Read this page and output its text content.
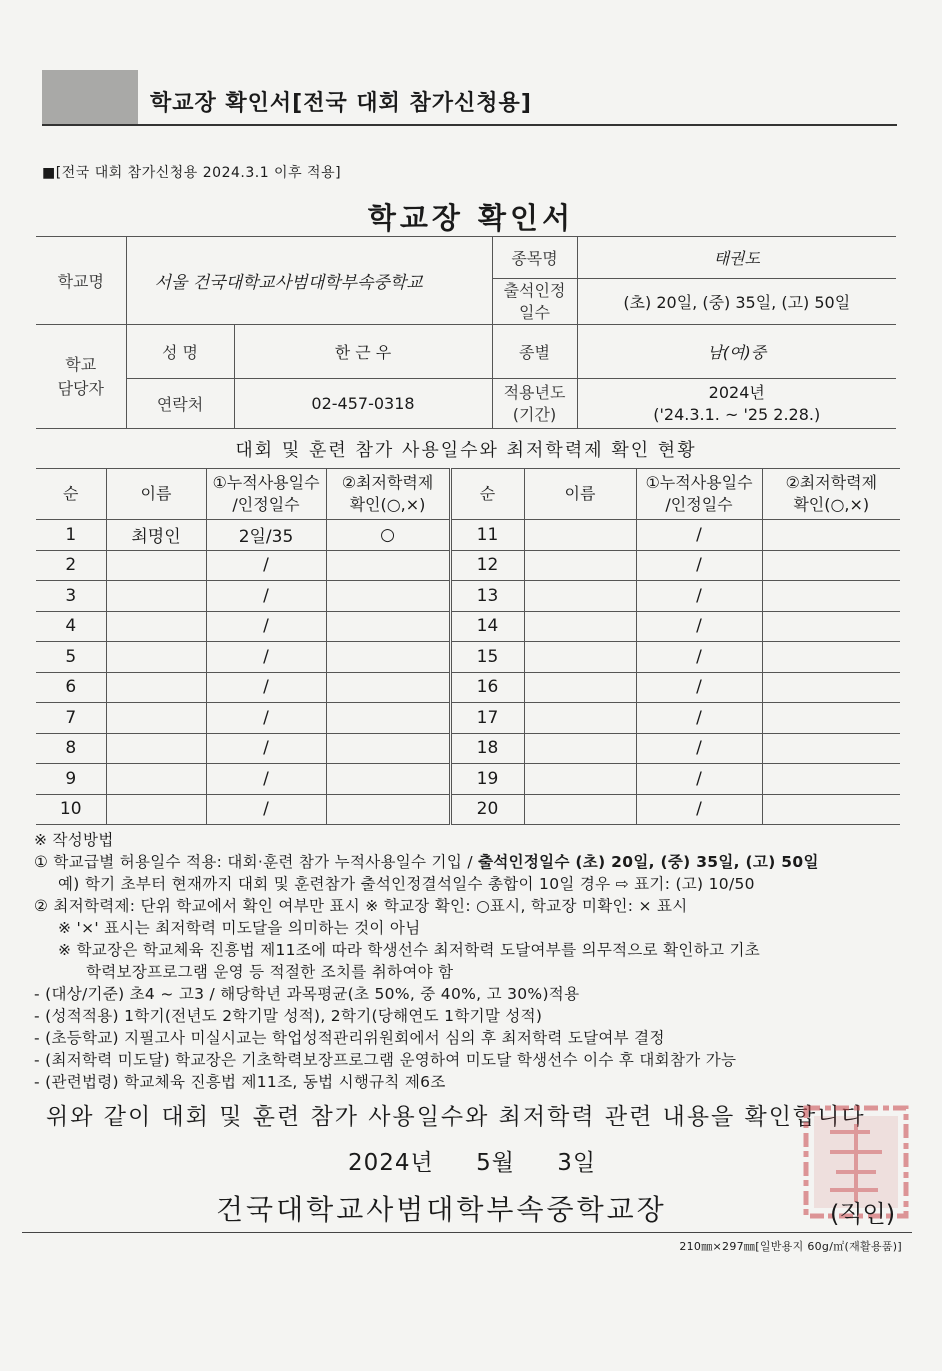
학교장 확인서[전국 대회 참가신청용]
■[전국 대회 참가신청용 2024.3.1 이후 적용]
학교장 확인서
학교명	서울 건국대학교사범대학부속중학교		종목명	태권도
			출석인정
일수	(초) 20일, (중) 35일, (고) 50일
학교
담당자	성 명	한 근 우	종별	남(여)중
	연락처	02-457-0318	적용년도
(기간)	2024년
('24.3.1. ~ '25 2.28.)
대회 및 훈련 참가 사용일수와 최저학력제 확인 현황
순	이름	①누적사용일수
/인정일수	②최저학력제
확인(○,×)	순	이름	①누적사용일수
/인정일수	②최저학력제
확인(○,×)
1	최명인	2일/35	○	11		/	
2		/		12		/	
3		/		13		/	
4		/		14		/	
5		/		15		/	
6		/		16		/	
7		/		17		/	
8		/		18		/	
9		/		19		/	
10		/		20		/	
※ 작성방법
① 학교급별 허용일수 적용: 대회·훈련 참가 누적사용일수 기입 / 출석인정일수 (초) 20일, (중) 35일, (고) 50일
예) 학기 초부터 현재까지 대회 및 훈련참가 출석인정결석일수 총합이 10일 경우 ⇨ 표기: (고) 10/50
② 최저학력제: 단위 학교에서 확인 여부만 표시 ※ 학교장 확인: ○표시, 학교장 미확인: × 표시
※ '×' 표시는 최저학력 미도달을 의미하는 것이 아님
※ 학교장은 학교체육 진흥법 제11조에 따라 학생선수 최저학력 도달여부를 의무적으로 확인하고 기초
학력보장프로그램 운영 등 적절한 조치를 취하여야 함
- (대상/기준) 초4 ~ 고3 / 해당학년 과목평균(초 50%, 중 40%, 고 30%)적용
- (성적적용) 1학기(전년도 2학기말 성적), 2학기(당해연도 1학기말 성적)
- (초등학교) 지필고사 미실시교는 학업성적관리위원회에서 심의 후 최저학력 도달여부 결정
- (최저학력 미도달) 학교장은 기초학력보장프로그램 운영하여 미도달 학생선수 이수 후 대회참가 가능
- (관련법령) 학교체육 진흥법 제11조, 동법 시행규칙 제6조
위와 같이 대회 및 훈련 참가 사용일수와 최저학력 관련 내용을 확인합니다
2024년 5월 3일
건국대학교사범대학부속중학교장	(직인)
210㎜×297㎜[일반용지 60g/㎡(재활용품)]
